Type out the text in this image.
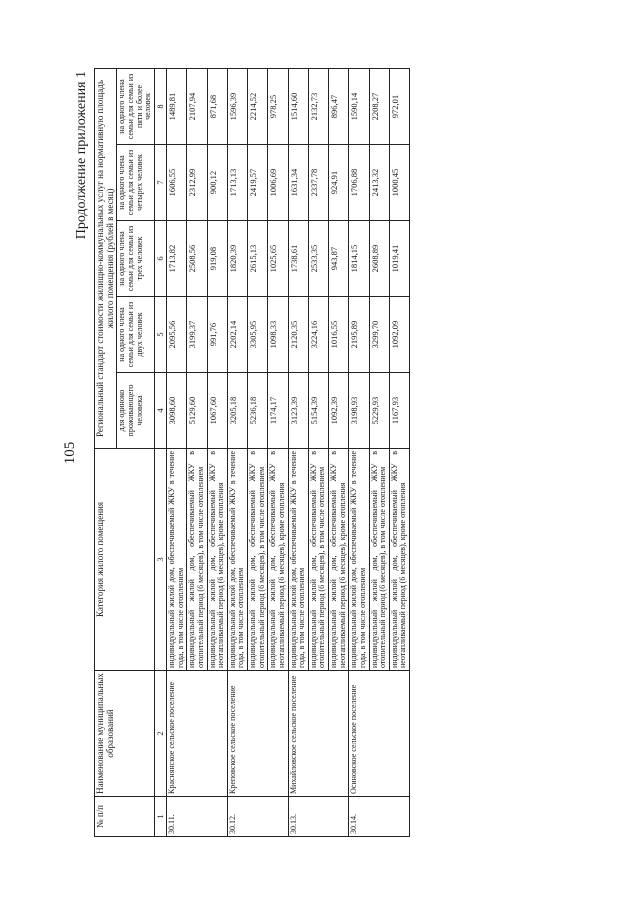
105
Продолжение приложения 1
№ п/п	Наименование муниципальных образований	Категория жилого помещения	Региональный стандарт стоимости жилищно-коммунальных услуг на нормативную площадь жилого помещения (рублей в месяц)				
			для одиноко проживающего человека	на одного члена семьи для семьи из двух человек	на одного члена семьи для семьи из трех человек	на одного члена семьи для семьи из четырех человек	на одного члена семьи для семьи из пяти и более человек
1	2	3	4	5	6	7	8
30.11.	Краснянское сельское поселение	индивидуальный жилой дом, обеспечиваемый ЖКУ в течение года, в том числе отоплением	3098,60	2095,56	1713,82	1606,55	1489,81
		индивидуальный жилой дом, обеспечиваемый ЖКУ в отопительный период (6 месяцев), в том числе отоплением	5129,60	3199,37	2508,56	2312,99	2107,94
		индивидуальный жилой дом, обеспечиваемый ЖКУ в неотапливаемый период (6 месяцев), кроме отопления	1067,60	991,76	919,08	900,12	871,68
30.12.	Креповское сельское поселение	индивидуальный жилой дом, обеспечиваемый ЖКУ в течение года, в том числе отоплением	3205,18	2202,14	1820,39	1713,13	1596,39
		индивидуальный жилой дом, обеспечиваемый ЖКУ в отопительный период (6 месяцев), в том числе отоплением	5236,18	3305,95	2615,13	2419,57	2214,52
		индивидуальный жилой дом, обеспечиваемый ЖКУ в неотапливаемый период (6 месяцев), кроме отопления	1174,17	1098,33	1025,65	1006,69	978,25
30.13.	Михайловское сельское поселение	индивидуальный жилой дом, обеспечиваемый ЖКУ в течение года, в том числе отоплением	3123,39	2120,35	1738,61	1631,34	1514,60
		индивидуальный жилой дом, обеспечиваемый ЖКУ в отопительный период (6 месяцев), в том числе отоплением	5154,39	3224,16	2533,35	2337,78	2132,73
		индивидуальный жилой дом, обеспечиваемый ЖКУ в неотапливаемый период (6 месяцев), кроме отопления	1092,39	1016,55	943,87	924,91	896,47
30.14.	Осиновское сельское поселение	индивидуальный жилой дом, обеспечиваемый ЖКУ в течение года, в том числе отоплением	3198,93	2195,89	1814,15	1706,88	1590,14
		индивидуальный жилой дом, обеспечиваемый ЖКУ в отопительный период (6 месяцев), в том числе отоплением	5229,93	3299,70	2608,89	2413,32	2208,27
		индивидуальный жилой дом, обеспечиваемый ЖКУ в неотапливаемый период (6 месяцев), кроме отопления	1167,93	1092,09	1019,41	1000,45	972,01
